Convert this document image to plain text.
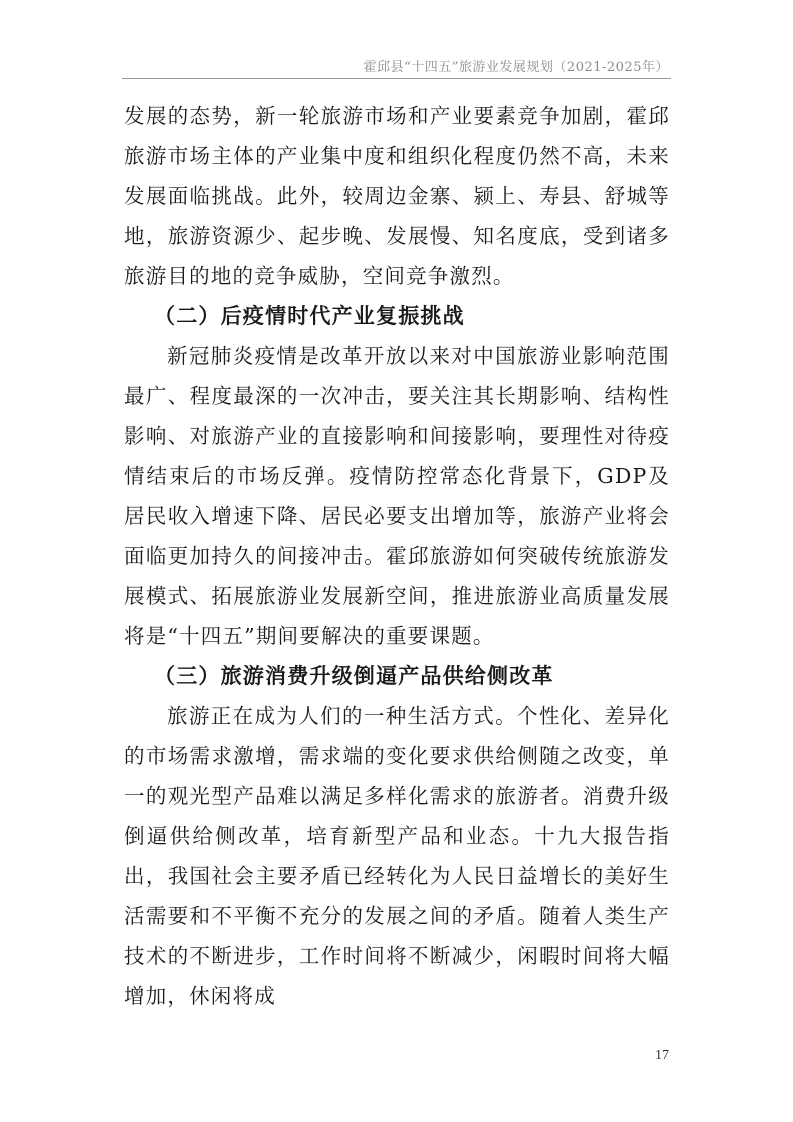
霍邱县“十四五”旅游业发展规划（2021-2025年）

发展的态势，新一轮旅游市场和产业要素竞争加剧，霍邱旅游市场主体的产业集中度和组织化程度仍然不高，未来发展面临挑战。此外，较周边金寨、颍上、寿县、舒城等地，旅游资源少、起步晚、发展慢、知名度底，受到诸多旅游目的地的竞争威胁，空间竞争激烈。

（二）后疫情时代产业复振挑战

新冠肺炎疫情是改革开放以来对中国旅游业影响范围最广、程度最深的一次冲击，要关注其长期影响、结构性影响、对旅游产业的直接影响和间接影响，要理性对待疫情结束后的市场反弹。疫情防控常态化背景下，GDP及居民收入增速下降、居民必要支出增加等，旅游产业将会面临更加持久的间接冲击。霍邱旅游如何突破传统旅游发展模式、拓展旅游业发展新空间，推进旅游业高质量发展将是“十四五”期间要解决的重要课题。

（三）旅游消费升级倒逼产品供给侧改革

旅游正在成为人们的一种生活方式。个性化、差异化的市场需求激增，需求端的变化要求供给侧随之改变，单一的观光型产品难以满足多样化需求的旅游者。消费升级倒逼供给侧改革，培育新型产品和业态。十九大报告指出，我国社会主要矛盾已经转化为人民日益增长的美好生活需要和不平衡不充分的发展之间的矛盾。随着人类生产技术的不断进步，工作时间将不断减少，闲暇时间将大幅增加，休闲将成

17
